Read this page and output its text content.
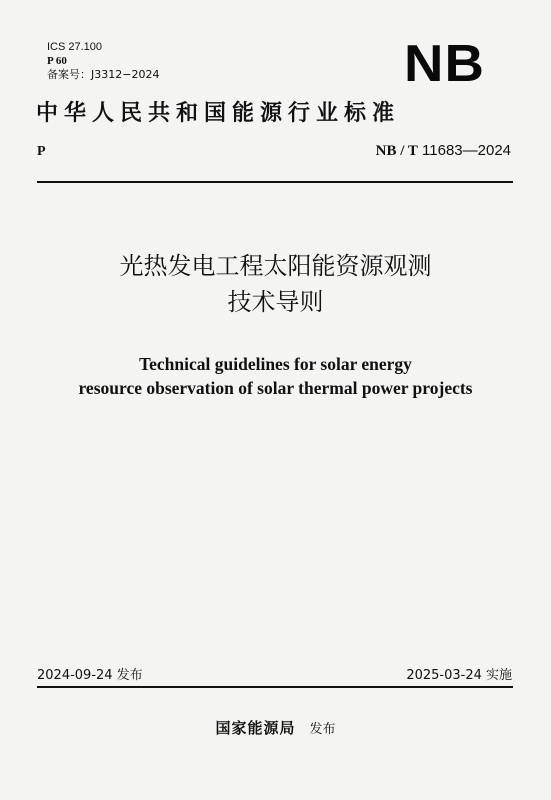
ICS 27.100
P 60
备案号：J3312−2024	NB
中华人民共和国能源行业标准
P	NB / T 11683—2024
光热发电工程太阳能资源观测
技术导则
Technical guidelines for solar energy
resource observation of solar thermal power projects
2024-09-24 发布	2025-03-24 实施
国家能源局 发布
